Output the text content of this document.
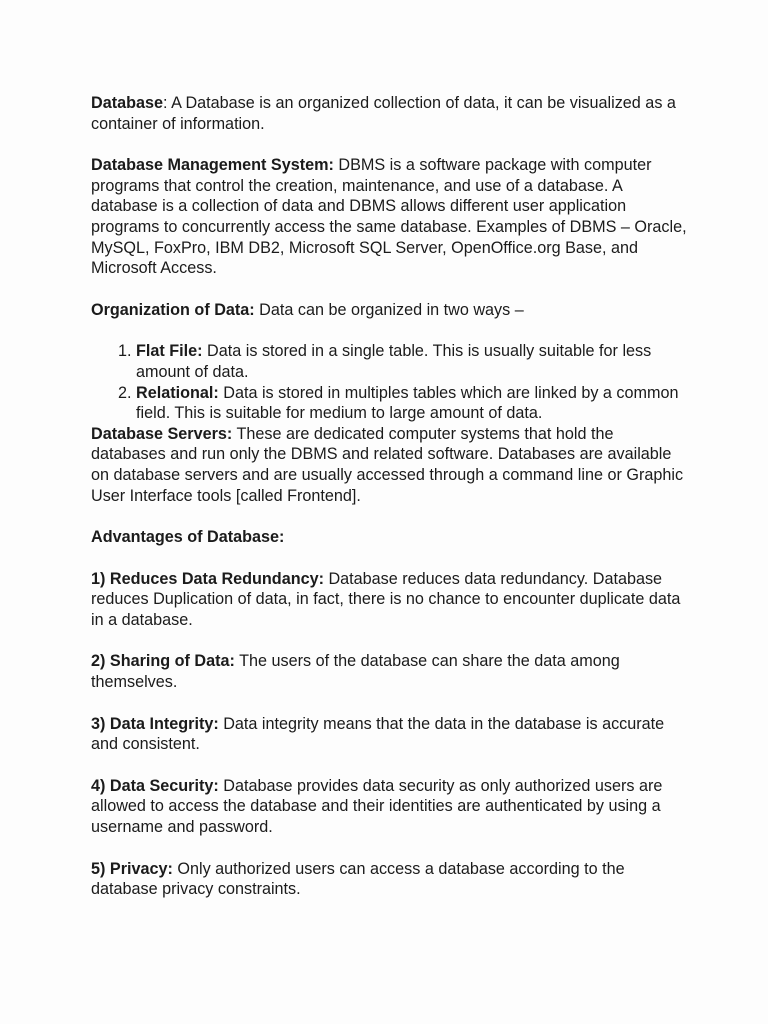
Database: A Database is an organized collection of data, it can be visualized as a container of information.

Database Management System: DBMS is a software package with computer programs that control the creation, maintenance, and use of a database. A database is a collection of data and DBMS allows different user application programs to concurrently access the same database. Examples of DBMS – Oracle, MySQL, FoxPro, IBM DB2, Microsoft SQL Server, OpenOffice.org Base, and Microsoft Access.

Organization of Data: Data can be organized in two ways –

1. Flat File: Data is stored in a single table. This is usually suitable for less amount of data.
2. Relational: Data is stored in multiples tables which are linked by a common field. This is suitable for medium to large amount of data.

Database Servers: These are dedicated computer systems that hold the databases and run only the DBMS and related software. Databases are available on database servers and are usually accessed through a command line or Graphic User Interface tools [called Frontend].

Advantages of Database:

1) Reduces Data Redundancy: Database reduces data redundancy. Database reduces Duplication of data, in fact, there is no chance to encounter duplicate data in a database.

2) Sharing of Data: The users of the database can share the data among themselves.

3) Data Integrity: Data integrity means that the data in the database is accurate and consistent.

4) Data Security: Database provides data security as only authorized users are allowed to access the database and their identities are authenticated by using a username and password.

5) Privacy: Only authorized users can access a database according to the database privacy constraints.
